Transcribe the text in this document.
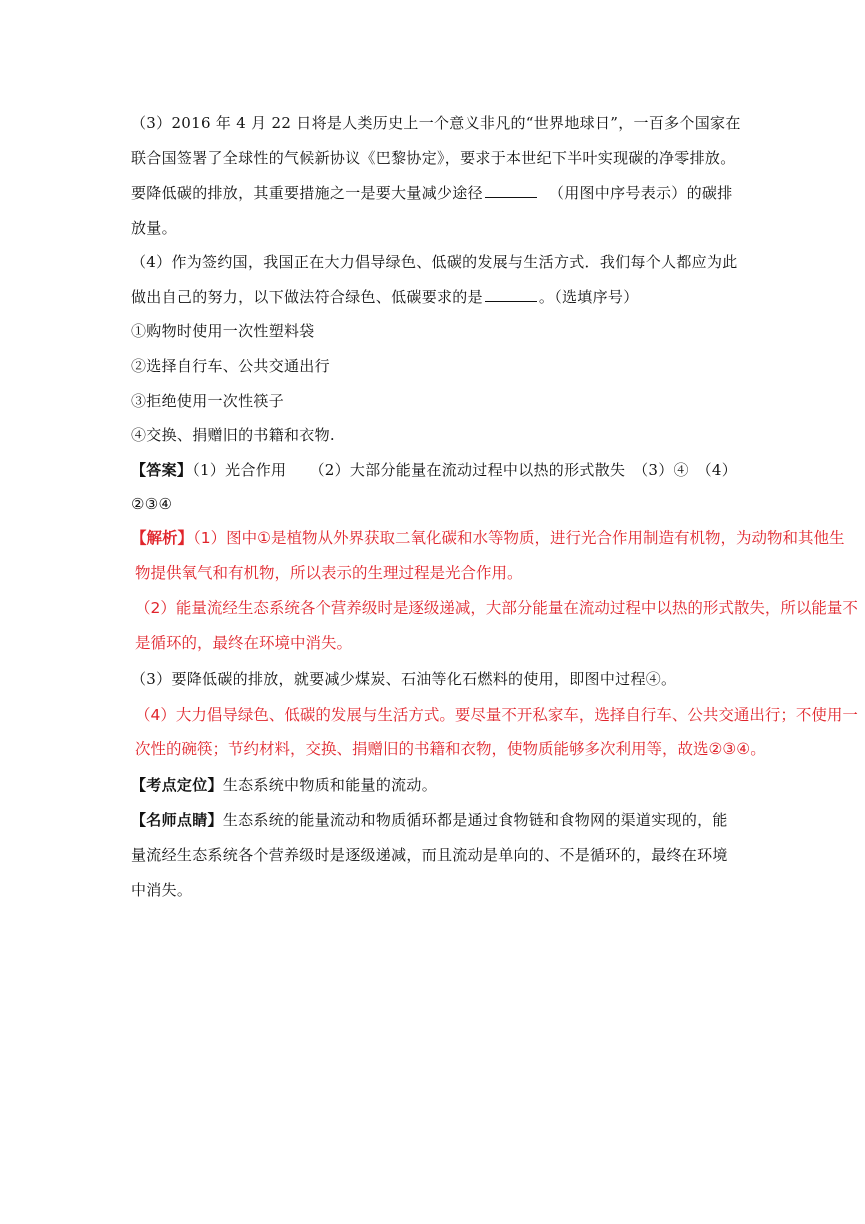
（3）2016 年 4 月 22 日将是人类历史上一个意义非凡的“世界地球日”，一百多个国家在
联合国签署了全球性的气候新协议《巴黎协定》，要求于本世纪下半叶实现碳的净零排放。
要降低碳的排放，其重要措施之一是要大量减少途径	（用图中序号表示）的碳排
放量。
（4）作为签约国，我国正在大力倡导绿色、低碳的发展与生活方式．我们每个人都应为此
做出自己的努力，以下做法符合绿色、低碳要求的是	。（选填序号）
①购物时使用一次性塑料袋
②选择自行车、公共交通出行
③拒绝使用一次性筷子
④交换、捐赠旧的书籍和衣物.
【答案】（1）光合作用　　（2）大部分能量在流动过程中以热的形式散失　（3）④　（4）
②③④
【解析】（1）图中①是植物从外界获取二氧化碳和水等物质，进行光合作用制造有机物，为动物和其他生
物提供氧气和有机物，所以表示的生理过程是光合作用。
（2）能量流经生态系统各个营养级时是逐级递减，大部分能量在流动过程中以热的形式散失，所以能量不
是循环的，最终在环境中消失。
（3）要降低碳的排放，就要减少煤炭、石油等化石燃料的使用，即图中过程④。
（4）大力倡导绿色、低碳的发展与生活方式。要尽量不开私家车，选择自行车、公共交通出行；不使用一
次性的碗筷；节约材料，交换、捐赠旧的书籍和衣物，使物质能够多次利用等，故选②③④。
【考点定位】生态系统中物质和能量的流动。
【名师点睛】生态系统的能量流动和物质循环都是通过食物链和食物网的渠道实现的，能
量流经生态系统各个营养级时是逐级递减，而且流动是单向的、不是循环的，最终在环境
中消失。
